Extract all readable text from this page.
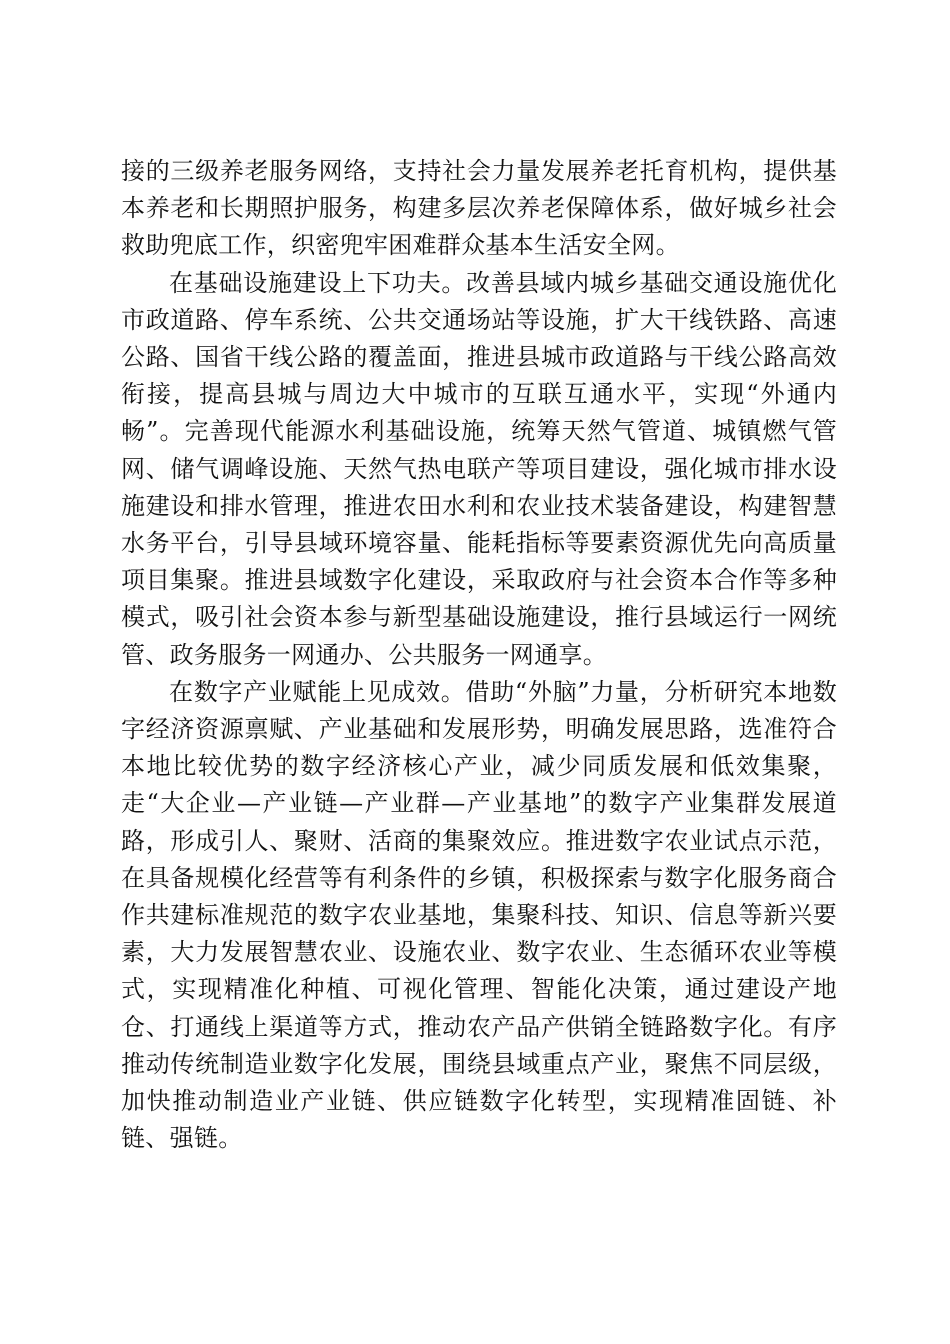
接的三级养老服务网络，支持社会力量发展养老托育机构，提供基本养老和长期照护服务，构建多层次养老保障体系，做好城乡社会救助兜底工作，织密兜牢困难群众基本生活安全网。

在基础设施建设上下功夫。改善县域内城乡基础交通设施优化市政道路、停车系统、公共交通场站等设施，扩大干线铁路、高速公路、国省干线公路的覆盖面，推进县城市政道路与干线公路高效衔接，提高县城与周边大中城市的互联互通水平，实现“外通内畅”。完善现代能源水利基础设施，统筹天然气管道、城镇燃气管网、储气调峰设施、天然气热电联产等项目建设，强化城市排水设施建设和排水管理，推进农田水利和农业技术装备建设，构建智慧水务平台，引导县域环境容量、能耗指标等要素资源优先向高质量项目集聚。推进县域数字化建设，采取政府与社会资本合作等多种模式，吸引社会资本参与新型基础设施建设，推行县域运行一网统管、政务服务一网通办、公共服务一网通享。

在数字产业赋能上见成效。借助“外脑”力量，分析研究本地数字经济资源禀赋、产业基础和发展形势，明确发展思路，选准符合本地比较优势的数字经济核心产业，减少同质发展和低效集聚，走“大企业—产业链—产业群—产业基地”的数字产业集群发展道路，形成引人、聚财、活商的集聚效应。推进数字农业试点示范，在具备规模化经营等有利条件的乡镇，积极探索与数字化服务商合作共建标准规范的数字农业基地，集聚科技、知识、信息等新兴要素，大力发展智慧农业、设施农业、数字农业、生态循环农业等模式，实现精准化种植、可视化管理、智能化决策，通过建设产地仓、打通线上渠道等方式，推动农产品产供销全链路数字化。有序推动传统制造业数字化发展，围绕县域重点产业，聚焦不同层级，加快推动制造业产业链、供应链数字化转型，实现精准固链、补链、强链。
